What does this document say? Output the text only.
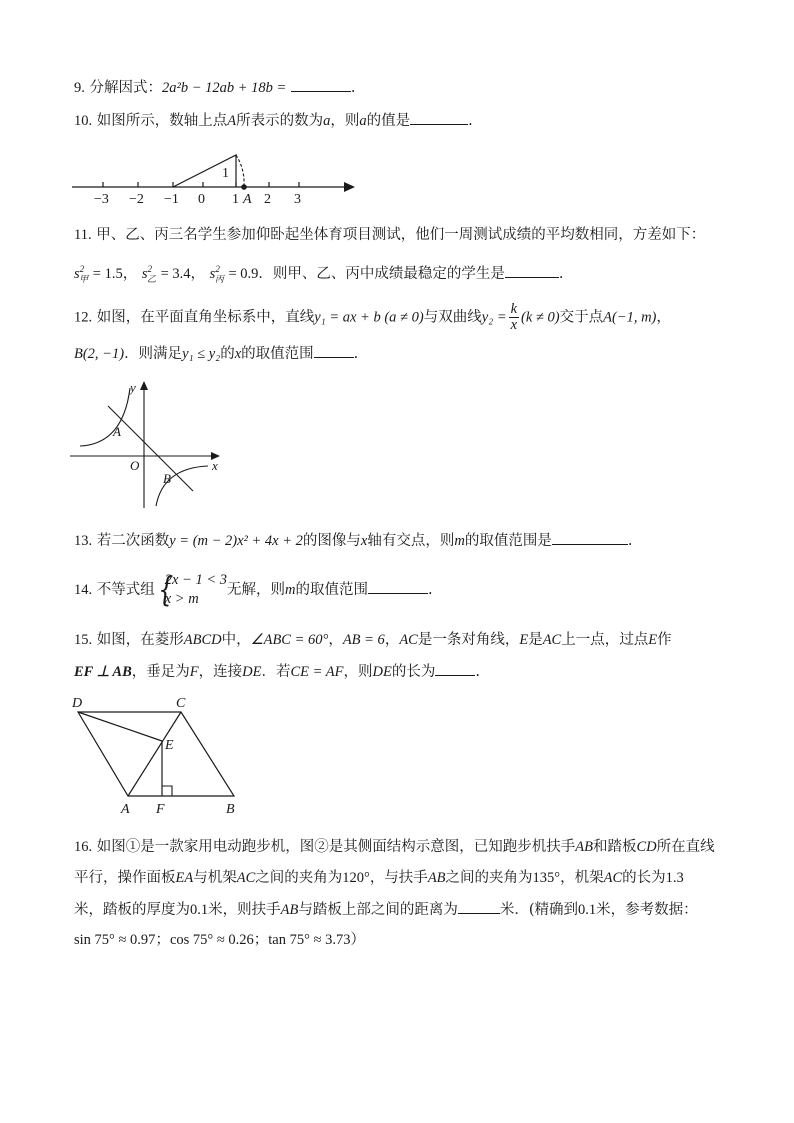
9. 分解因式：2a²b − 12ab + 18b =	.
10. 如图所示，数轴上点A所表示的数为a，则a的值是	.
1
−3 −2 −1 0 1 A 2 3
11. 甲、乙、丙三名学生参加仰卧起坐体育项目测试，他们一周测试成绩的平均数相同，方差如下：
$s^2_甲 = 1.5$， $s^2_乙 = 3.4$， $s^2_丙 = 0.9$．则甲、乙、丙中成绩最稳定的学生是	.
12. 如图，在平面直角坐标系中，直线y₁ = ax + b (a ≠ 0)与双曲线$y_2 = \frac{k}{x} (k \ne 0)$交于点A(−1, m)，
B(2, −1)．则满足y₁ ≤ y₂的x的取值范围	.
y
x
O
A
B
13. 若二次函数y = (m − 2)x² + 4x + 2的图像与x轴有交点，则m的取值范围是	.
14. 不等式组 {
2x − 1 < 3
x > m
无解，则m的取值范围	.
15. 如图，在菱形ABCD中，∠ABC = 60°，AB = 6，AC是一条对角线，E是AC上一点，过点E作
EF ⊥ AB，垂足为F，连接DE．若CE = AF，则DE的长为	.
D	C
E
A F	B
16. 如图①是一款家用电动跑步机，图②是其侧面结构示意图，已知跑步机扶手AB和踏板CD所在直线
平行，操作面板EA与机架AC之间的夹角为120°，与扶手AB之间的夹角为135°，机架AC的长为1.3
米，踏板的厚度为0.1米，则扶手AB与踏板上部之间的距离为	米．(精确到0.1米，参考数据：
sin 75° ≈ 0.97；cos 75° ≈ 0.26；tan 75° ≈ 3.73）
